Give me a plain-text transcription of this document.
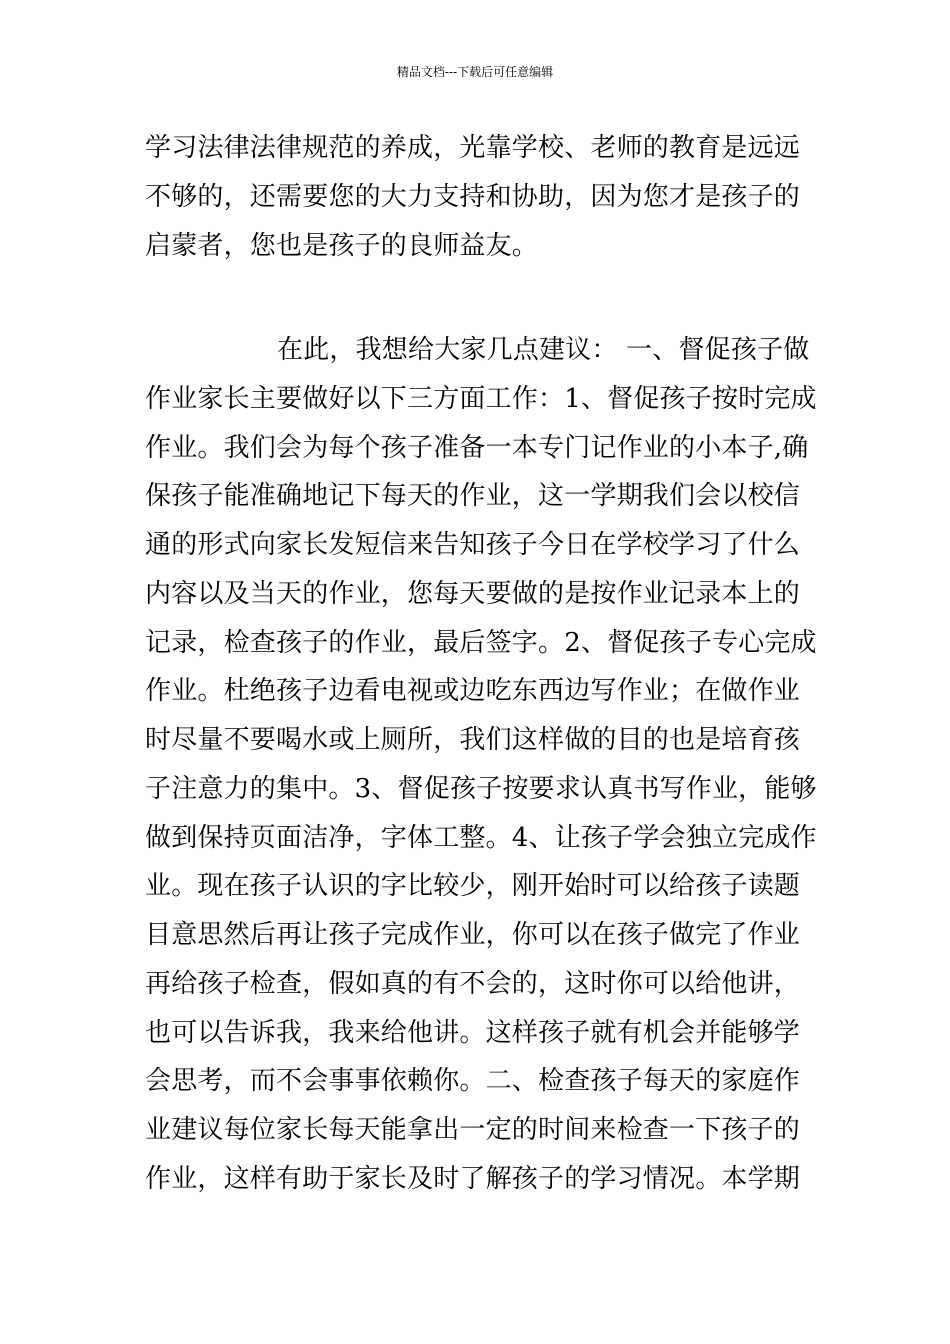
精品文档---下载后可任意编辑
学习法律法律规范的养成，光靠学校、老师的教育是远远
不够的，还需要您的大力支持和协助，因为您才是孩子的
启蒙者，您也是孩子的良师益友。
在此，我想给大家几点建议： 一、督促孩子做
作业家长主要做好以下三方面工作：1、督促孩子按时完成
作业。我们会为每个孩子准备一本专门记作业的小本子,确
保孩子能准确地记下每天的作业，这一学期我们会以校信
通的形式向家长发短信来告知孩子今日在学校学习了什么
内容以及当天的作业，您每天要做的是按作业记录本上的
记录，检查孩子的作业，最后签字。2、督促孩子专心完成
作业。杜绝孩子边看电视或边吃东西边写作业；在做作业
时尽量不要喝水或上厕所，我们这样做的目的也是培育孩
子注意力的集中。3、督促孩子按要求认真书写作业，能够
做到保持页面洁净，字体工整。4、让孩子学会独立完成作
业。现在孩子认识的字比较少，刚开始时可以给孩子读题
目意思然后再让孩子完成作业，你可以在孩子做完了作业
再给孩子检查，假如真的有不会的，这时你可以给他讲，
也可以告诉我，我来给他讲。这样孩子就有机会并能够学
会思考，而不会事事依赖你。二、检查孩子每天的家庭作
业建议每位家长每天能拿出一定的时间来检查一下孩子的
作业，这样有助于家长及时了解孩子的学习情况。本学期
